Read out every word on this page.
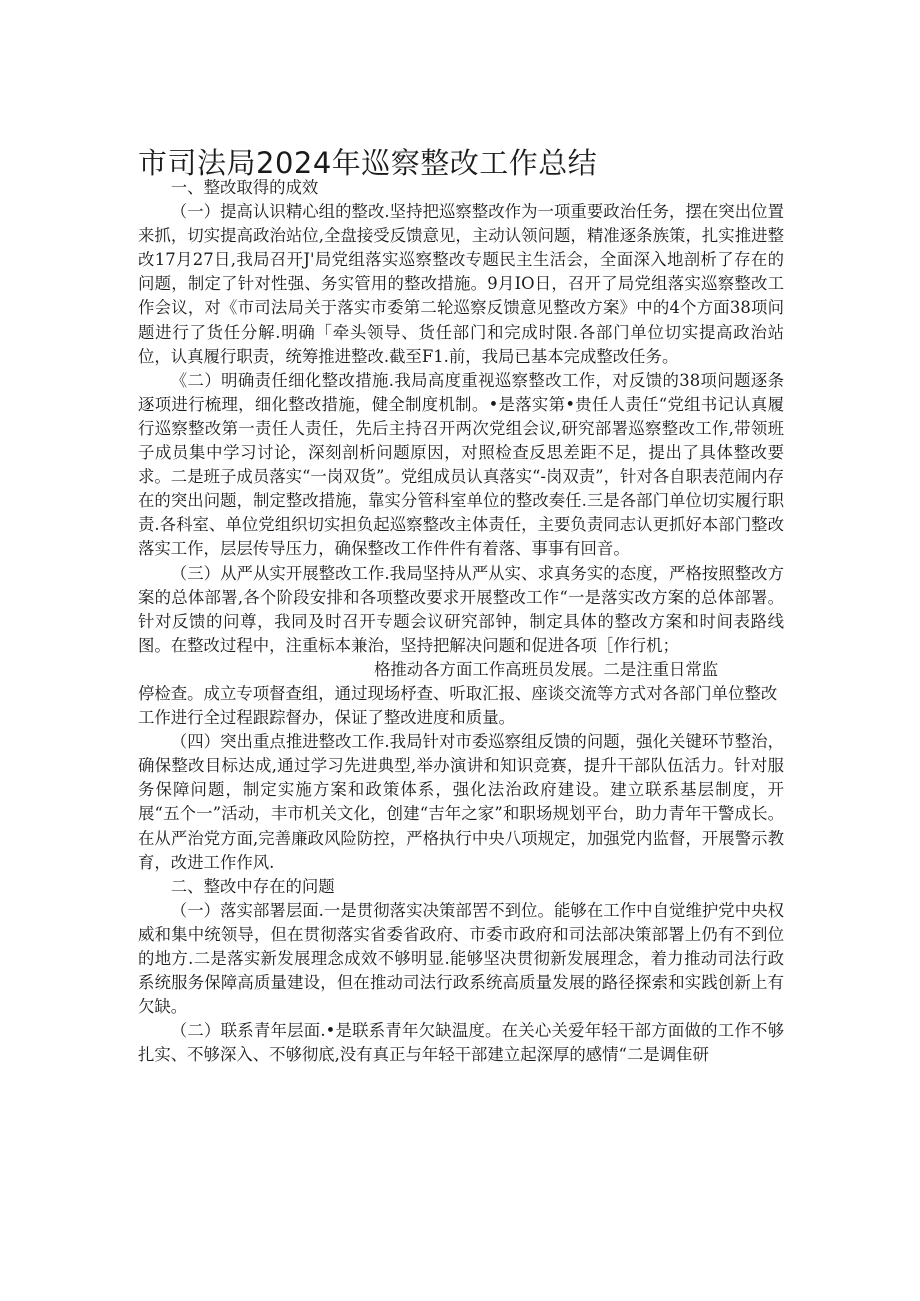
市司法局2024年巡察整改工作总结

一、整改取得的成效

（一）提高认识精心组的整改.坚持把巡察整改作为一项重要政治任务，摆在突出位置来抓，切实提高政治站位,全盘接受反馈意见，主动认领问题，精准逐条族策，扎实推进整改17月27日,我局召开J'局党组落实巡察整改专题民主生活会，全面深入地剖析了存在的问题，制定了针对性强、务实管用的整改措施。9月IO日，召开了局党组落实巡察整改工作会议，对《市司法局关于落实市委第二轮巡察反馈意见整改方案》中的4个方面38项问题进行了货任分解.明确「牵头领导、货任部门和完成时限.各部门单位切实提高政治站位，认真履行职责，统筹推进整改.截至F1.前，我局已基本完成整改任务。

《二）明确责任细化整改措施.我局高度重视巡察整改工作，对反馈的38项问题逐条逐项进行梳理，细化整改措施，健全制度机制。•是落实第•贵任人责任“党组书记认真履行巡察整改第一责任人责任，先后主持召开两次党组会议,研究部署巡察整改工作,带领班子成员集中学习讨论，深刻剖析问题原因，对照检查反思差距不足，提出了具体整改要求。二是班子成员落实“一岗双货”。党组成员认真落实“-岗双责”，针对各自职表范闹内存在的突出问题，制定整改措施，靠实分管科室单位的整改奏任.三是各部门单位切实履行职责.各科室、单位党组织切实担负起巡察整改主体责任，主要负责同志认更抓好本部门整改落实工作，层层传导压力，确保整改工作件件有着落、事事有回音。

（三）从严从实开展整改工作.我局坚持从严从实、求真务实的态度，严格按照整改方案的总体部署,各个阶段安排和各项整改要求开展整改工作“一是落实改方案的总体部署。针对反馈的问尊，我同及时召开专题会议研究部钟，制定具体的整改方案和时间表路线图。在整改过程中，注重标本兼治，坚持把解决问题和促进各项［作行机；

格推动各方面工作高班员发展。二是注重日常监

停检查。成立专项督查组，通过现场杼查、听取汇报、座谈交流等方式对各部门单位整改工作进行全过程跟踪督办，保证了整改进度和质量。

（四）突出重点推进整改工作.我局针对市委巡察组反馈的问题，强化关键环节整治，确保整改目标达成,通过学习先进典型,举办演讲和知识竞赛，提升干部队伍活力。针对服务保障问题，制定实施方案和政策体系，强化法治政府建设。建立联系基层制度，开展“五个一”活动，丰市机关文化，创建“吉年之家”和职场规划平台，助力青年干警成长。在从严治党方面,完善廉政风险防控，严格执行中央八项规定，加强党内监督，开展警示教育，改进工作作风.

二、整改中存在的问题

（一）落实部署层面.一是贯彻落实决策部罟不到位。能够在工作中自觉维护党中央权威和集中统领导，但在贯彻落实省委省政府、市委市政府和司法部决策部署上仍有不到位的地方.二是落实新发展理念成效不够明显.能够坚决贯彻新发展理念，着力推动司法行政系统服务保障高质量建设，但在推动司法行政系统高质量发展的路径探索和实践创新上有欠缺。

（二）联系青年层面.•是联系青年欠缺温度。在关心关爱年轻干部方面做的工作不够扎实、不够深入、不够彻底,没有真正与年轻干部建立起深厚的感情“二是调隹研
